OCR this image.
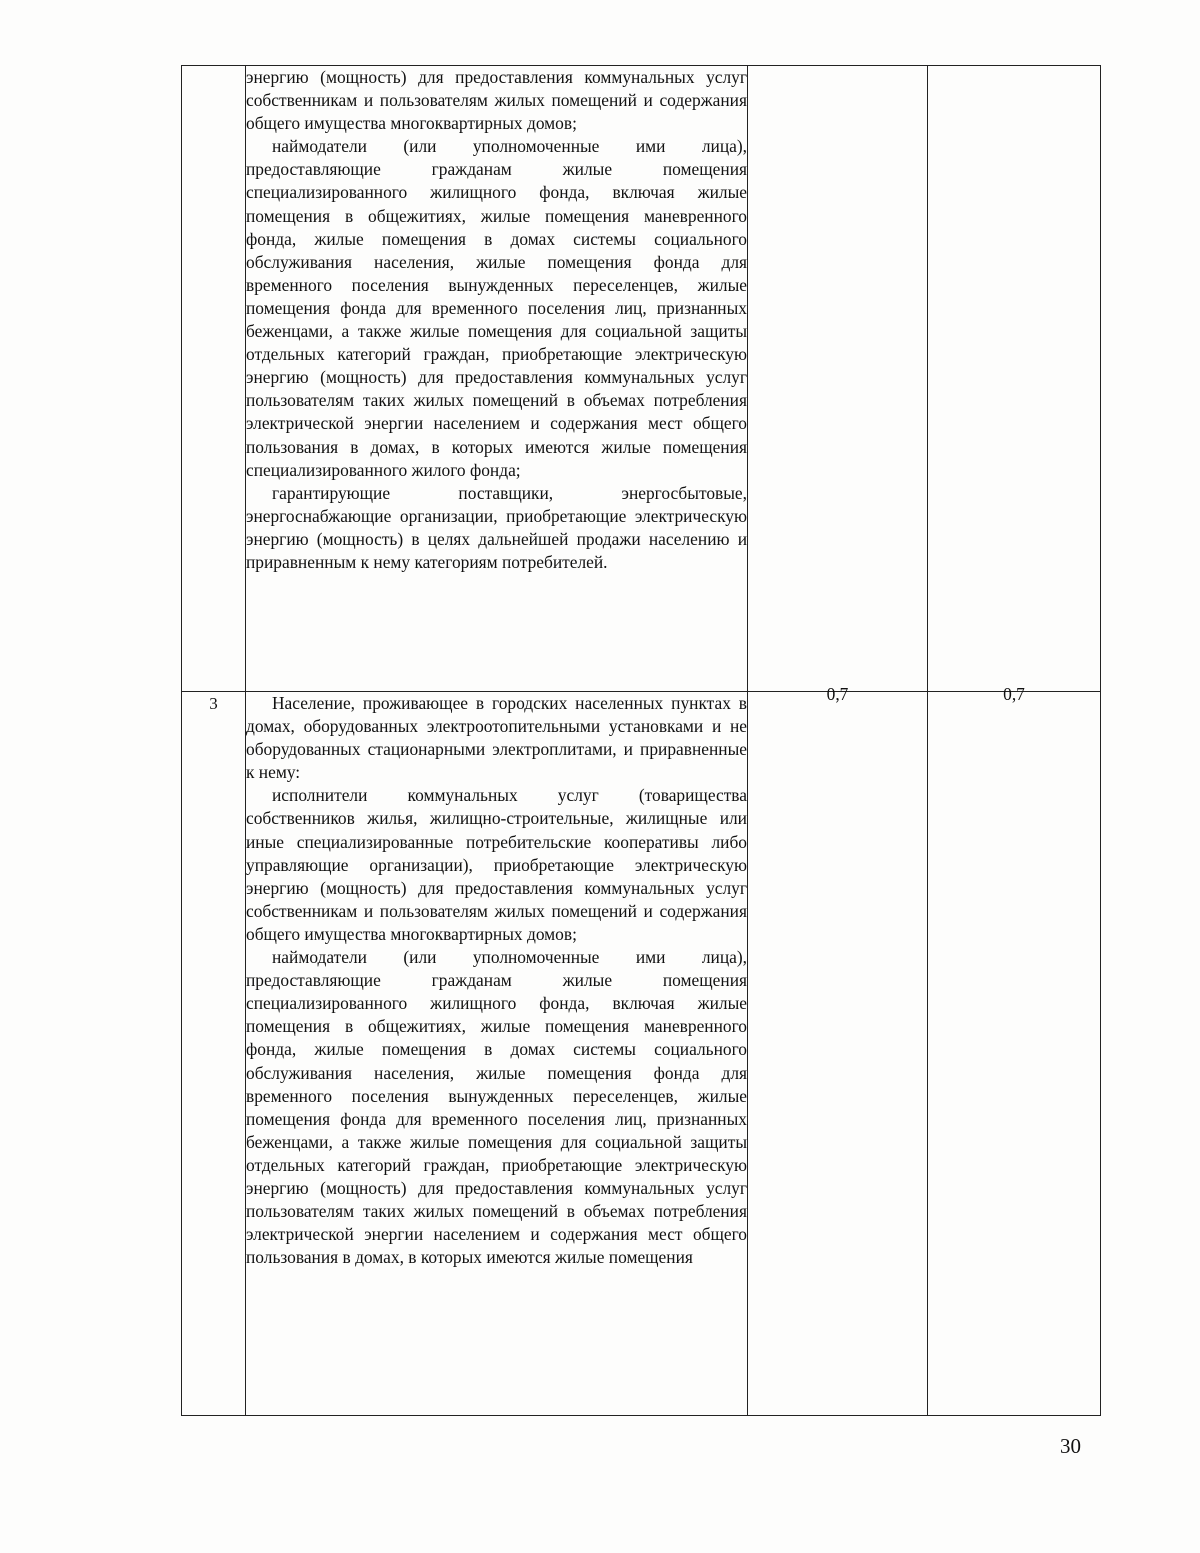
	энергию (мощность) для предоставления коммунальных услуг собственникам и пользователям жилых помещений и содержания общего имущества многоквартирных домов;

наймодатели (или уполномоченные ими лица), предоставляющие гражданам жилые помещения специализированного жилищного фонда, включая жилые помещения в общежитиях, жилые помещения маневренного фонда, жилые помещения в домах системы социального обслуживания населения, жилые помещения фонда для временного поселения вынужденных переселенцев, жилые помещения фонда для временного поселения лиц, признанных беженцами, а также жилые помещения для социальной защиты отдельных категорий граждан, приобретающие электрическую энергию (мощность) для предоставления коммунальных услуг пользователям таких жилых помещений в объемах потребления электрической энергии населением и содержания мест общего пользования в домах, в которых имеются жилые помещения специализированного жилого фонда;

гарантирующие поставщики, энергосбытовые, энергоснабжающие организации, приобретающие электрическую энергию (мощность) в целях дальнейшей продажи населению и приравненным к нему категориям потребителей.		

3	Население, проживающее в городских населенных пунктах в домах, оборудованных электроотопительными установками и не оборудованных стационарными электроплитами, и приравненные к нему:

исполнители коммунальных услуг (товарищества собственников жилья, жилищно-строительные, жилищные или иные специализированные потребительские кооперативы либо управляющие организации), приобретающие электрическую энергию (мощность) для предоставления коммунальных услуг собственникам и пользователям жилых помещений и содержания общего имущества многоквартирных домов;

наймодатели (или уполномоченные ими лица), предоставляющие гражданам жилые помещения специализированного жилищного фонда, включая жилые помещения в общежитиях, жилые помещения маневренного фонда, жилые помещения в домах системы социального обслуживания населения, жилые помещения фонда для временного поселения вынужденных переселенцев, жилые помещения фонда для временного поселения лиц, признанных беженцами, а также жилые помещения для социальной защиты отдельных категорий граждан, приобретающие электрическую энергию (мощность) для предоставления коммунальных услуг пользователям таких жилых помещений в объемах потребления электрической энергии населением и содержания мест общего пользования в домах, в которых имеются жилые помещения	0,7	0,7
30
